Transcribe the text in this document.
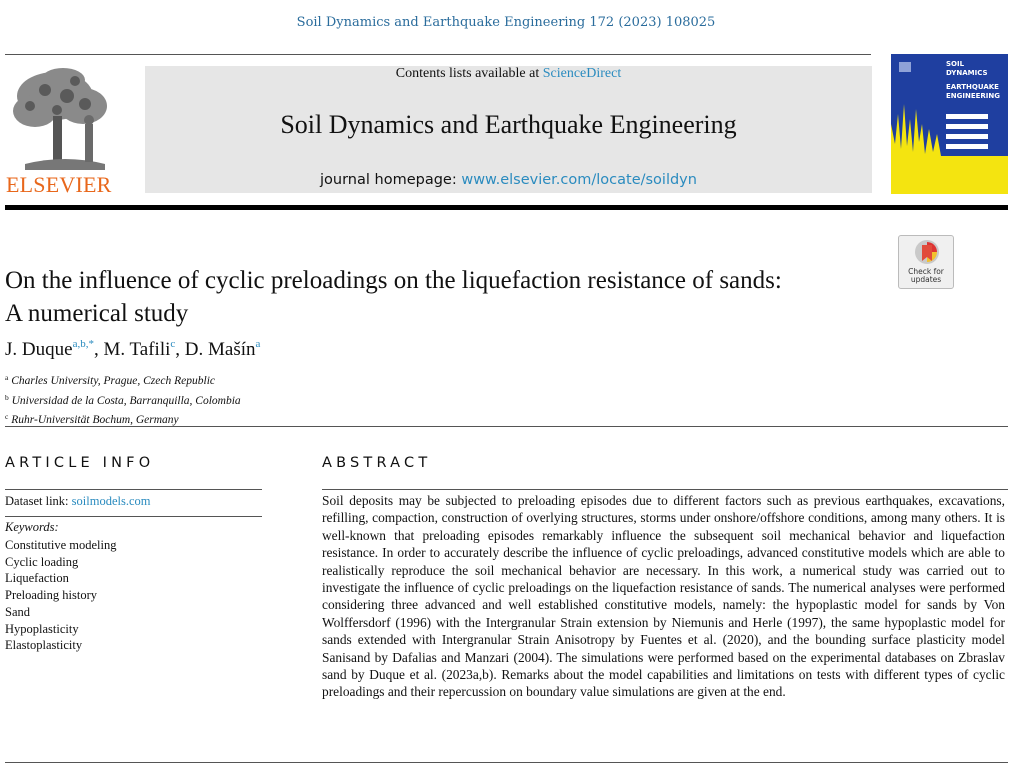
Soil Dynamics and Earthquake Engineering 172 (2023) 108025
ELSEVIER
Contents lists available at ScienceDirect
Soil Dynamics and Earthquake Engineering
journal homepage: www.elsevier.com/locate/soildyn
SOIL
DYNAMICS
EARTHQUAKE
ENGINEERING
Check for
updates
On the influence of cyclic preloadings on the liquefaction resistance of sands:
A numerical study
J. Duque$^{a,b,*}$, M. Tafili$^c$, D. Mašín$^a$
$^a$ Charles University, Prague, Czech Republic
$^b$ Universidad de la Costa, Barranquilla, Colombia
$^c$ Ruhr-Universität Bochum, Germany
ARTICLE INFO	ABSTRACT
Dataset link: soilmodels.com
Keywords:
Constitutive modeling
Cyclic loading
Liquefaction
Preloading history
Sand
Hypoplasticity
Elastoplasticity
Soil deposits may be subjected to preloading episodes due to different factors such as previous earthquakes, excavations, refilling, compaction, construction of overlying structures, storms under onshore/offshore conditions, among many others. It is well-known that preloading episodes remarkably influence the subsequent soil mechanical behavior and liquefaction resistance. In order to accurately describe the influence of cyclic preloadings, advanced constitutive models which are able to realistically reproduce the soil mechanical behavior are necessary. In this work, a numerical study was carried out to investigate the influence of cyclic preloadings on the liquefaction resistance of sands. The numerical analyses were performed considering three advanced and well established constitutive models, namely: the hypoplastic model for sands by Von Wolffersdorf (1996) with the Intergranular Strain extension by Niemunis and Herle (1997), the same hypoplastic model for sands extended with Intergranular Strain Anisotropy by Fuentes et al. (2020), and the bounding surface plasticity model Sanisand by Dafalias and Manzari (2004). The simulations were performed based on the experimental databases on Zbraslav sand by Duque et al. (2023a,b). Remarks about the model capabilities and limitations on tests with different types of cyclic preloadings and their repercussion on boundary value simulations are given at the end.
